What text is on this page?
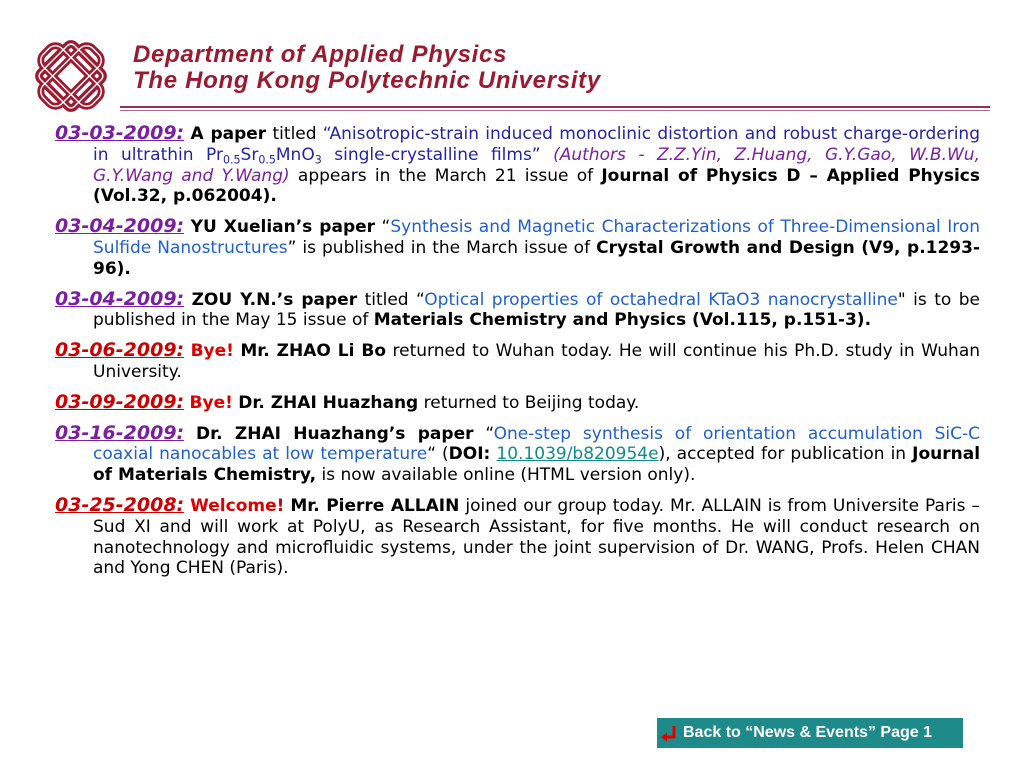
Department of Applied Physics
The Hong Kong Polytechnic University

03-03-2009: A paper titled “Anisotropic-strain induced monoclinic distortion and robust charge-ordering in ultrathin $Pr_{0.5}Sr_{0.5}MnO_3$ single-crystalline films” (Authors - Z.Z.Yin, Z.Huang, G.Y.Gao, W.B.Wu, G.Y.Wang and Y.Wang) appears in the March 21 issue of Journal of Physics D – Applied Physics (Vol.32, p.062004).

03-04-2009: YU Xuelian’s paper “Synthesis and Magnetic Characterizations of Three-Dimensional Iron Sulfide Nanostructures” is published in the March issue of Crystal Growth and Design (V9, p.1293-96).

03-04-2009: ZOU Y.N.’s paper titled “Optical properties of octahedral KTaO3 nanocrystalline" is to be published in the May 15 issue of Materials Chemistry and Physics (Vol.115, p.151-3).

03-06-2009: Bye! Mr. ZHAO Li Bo returned to Wuhan today. He will continue his Ph.D. study in Wuhan University.

03-09-2009: Bye! Dr. ZHAI Huazhang returned to Beijing today.

03-16-2009: Dr. ZHAI Huazhang’s paper “One-step synthesis of orientation accumulation SiC-C coaxial nanocables at low temperature“ (DOI: 10.1039/b820954e), accepted for publication in Journal of Materials Chemistry, is now available online (HTML version only).

03-25-2008: Welcome! Mr. Pierre ALLAIN joined our group today. Mr. ALLAIN is from Universite Paris – Sud XI and will work at PolyU, as Research Assistant, for five months. He will conduct research on nanotechnology and microfluidic systems, under the joint supervision of Dr. WANG, Profs. Helen CHAN and Yong CHEN (Paris).

Back to “News & Events” Page 1
